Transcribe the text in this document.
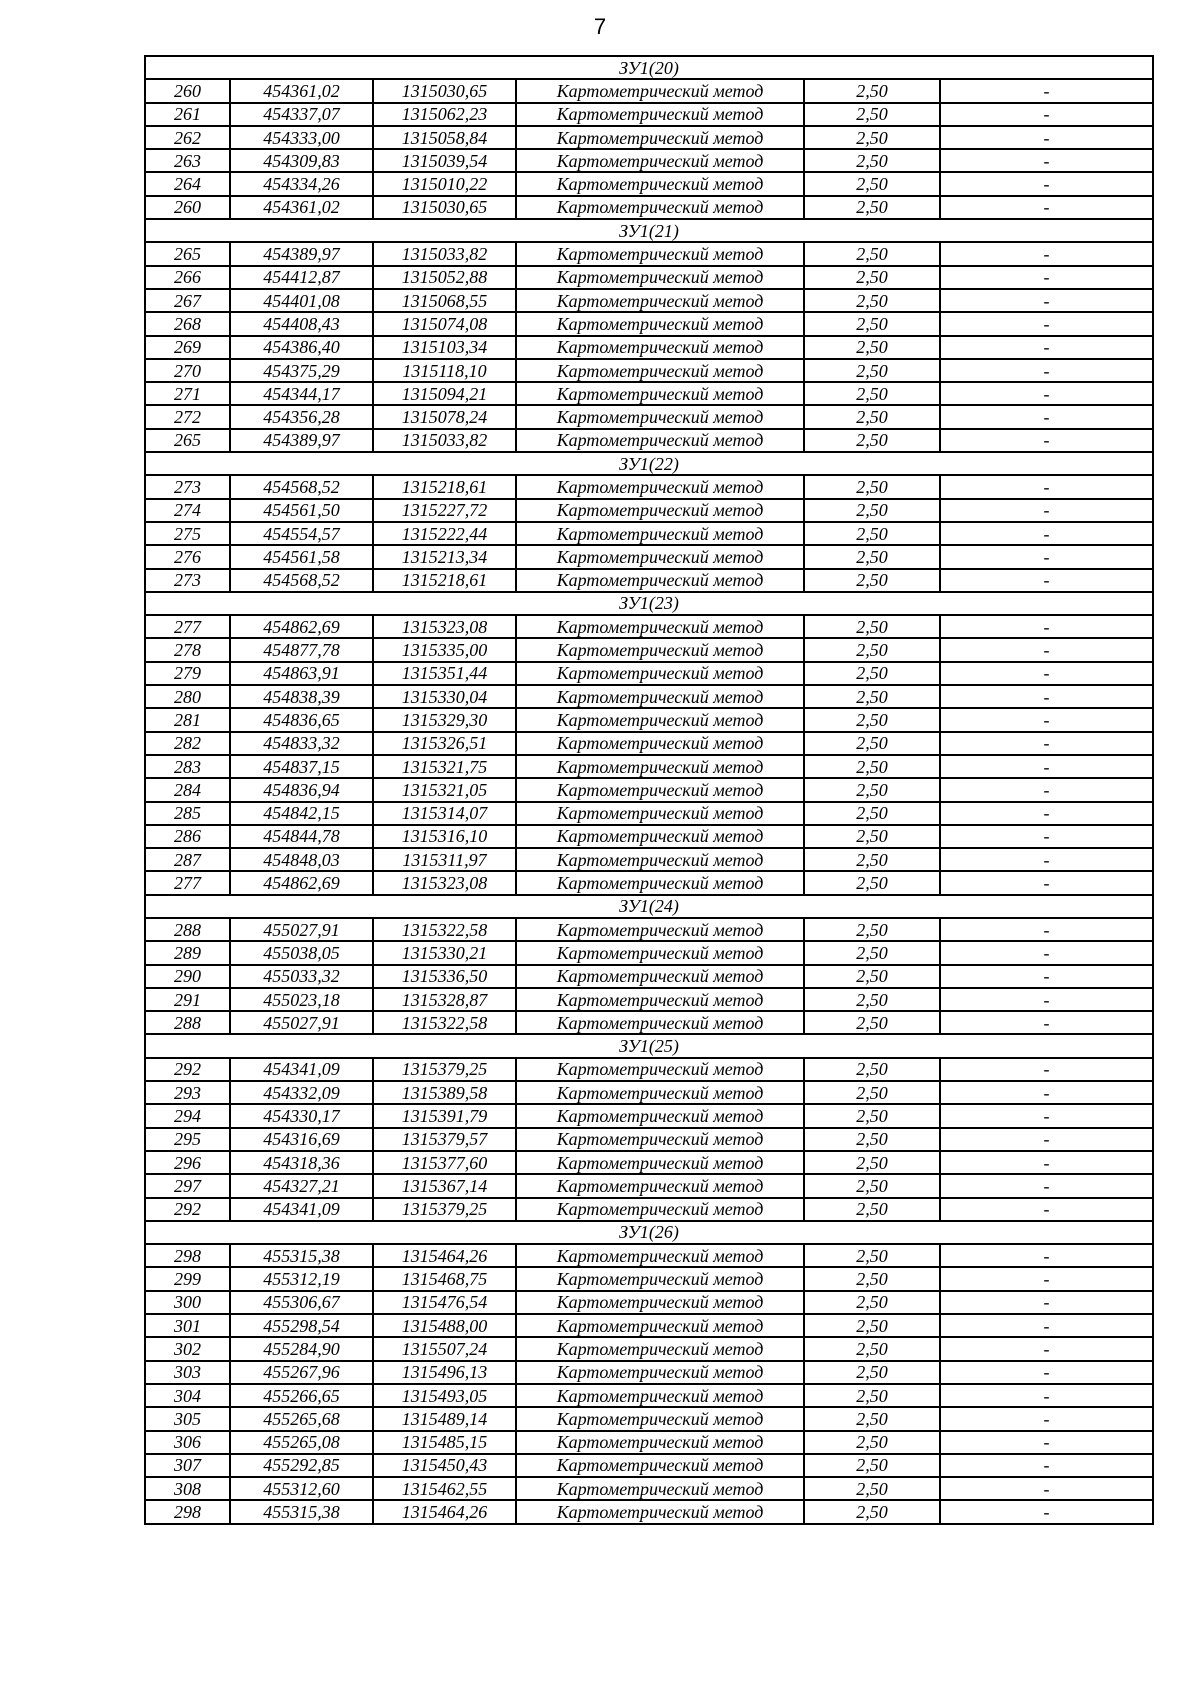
7
ЗУ1(20)					
260	454361,02	1315030,65	Картометрический метод	2,50	-
261	454337,07	1315062,23	Картометрический метод	2,50	-
262	454333,00	1315058,84	Картометрический метод	2,50	-
263	454309,83	1315039,54	Картометрический метод	2,50	-
264	454334,26	1315010,22	Картометрический метод	2,50	-
260	454361,02	1315030,65	Картометрический метод	2,50	-
ЗУ1(21)					
265	454389,97	1315033,82	Картометрический метод	2,50	-
266	454412,87	1315052,88	Картометрический метод	2,50	-
267	454401,08	1315068,55	Картометрический метод	2,50	-
268	454408,43	1315074,08	Картометрический метод	2,50	-
269	454386,40	1315103,34	Картометрический метод	2,50	-
270	454375,29	1315118,10	Картометрический метод	2,50	-
271	454344,17	1315094,21	Картометрический метод	2,50	-
272	454356,28	1315078,24	Картометрический метод	2,50	-
265	454389,97	1315033,82	Картометрический метод	2,50	-
ЗУ1(22)					
273	454568,52	1315218,61	Картометрический метод	2,50	-
274	454561,50	1315227,72	Картометрический метод	2,50	-
275	454554,57	1315222,44	Картометрический метод	2,50	-
276	454561,58	1315213,34	Картометрический метод	2,50	-
273	454568,52	1315218,61	Картометрический метод	2,50	-
ЗУ1(23)					
277	454862,69	1315323,08	Картометрический метод	2,50	-
278	454877,78	1315335,00	Картометрический метод	2,50	-
279	454863,91	1315351,44	Картометрический метод	2,50	-
280	454838,39	1315330,04	Картометрический метод	2,50	-
281	454836,65	1315329,30	Картометрический метод	2,50	-
282	454833,32	1315326,51	Картометрический метод	2,50	-
283	454837,15	1315321,75	Картометрический метод	2,50	-
284	454836,94	1315321,05	Картометрический метод	2,50	-
285	454842,15	1315314,07	Картометрический метод	2,50	-
286	454844,78	1315316,10	Картометрический метод	2,50	-
287	454848,03	1315311,97	Картометрический метод	2,50	-
277	454862,69	1315323,08	Картометрический метод	2,50	-
ЗУ1(24)					
288	455027,91	1315322,58	Картометрический метод	2,50	-
289	455038,05	1315330,21	Картометрический метод	2,50	-
290	455033,32	1315336,50	Картометрический метод	2,50	-
291	455023,18	1315328,87	Картометрический метод	2,50	-
288	455027,91	1315322,58	Картометрический метод	2,50	-
ЗУ1(25)					
292	454341,09	1315379,25	Картометрический метод	2,50	-
293	454332,09	1315389,58	Картометрический метод	2,50	-
294	454330,17	1315391,79	Картометрический метод	2,50	-
295	454316,69	1315379,57	Картометрический метод	2,50	-
296	454318,36	1315377,60	Картометрический метод	2,50	-
297	454327,21	1315367,14	Картометрический метод	2,50	-
292	454341,09	1315379,25	Картометрический метод	2,50	-
ЗУ1(26)					
298	455315,38	1315464,26	Картометрический метод	2,50	-
299	455312,19	1315468,75	Картометрический метод	2,50	-
300	455306,67	1315476,54	Картометрический метод	2,50	-
301	455298,54	1315488,00	Картометрический метод	2,50	-
302	455284,90	1315507,24	Картометрический метод	2,50	-
303	455267,96	1315496,13	Картометрический метод	2,50	-
304	455266,65	1315493,05	Картометрический метод	2,50	-
305	455265,68	1315489,14	Картометрический метод	2,50	-
306	455265,08	1315485,15	Картометрический метод	2,50	-
307	455292,85	1315450,43	Картометрический метод	2,50	-
308	455312,60	1315462,55	Картометрический метод	2,50	-
298	455315,38	1315464,26	Картометрический метод	2,50	-
